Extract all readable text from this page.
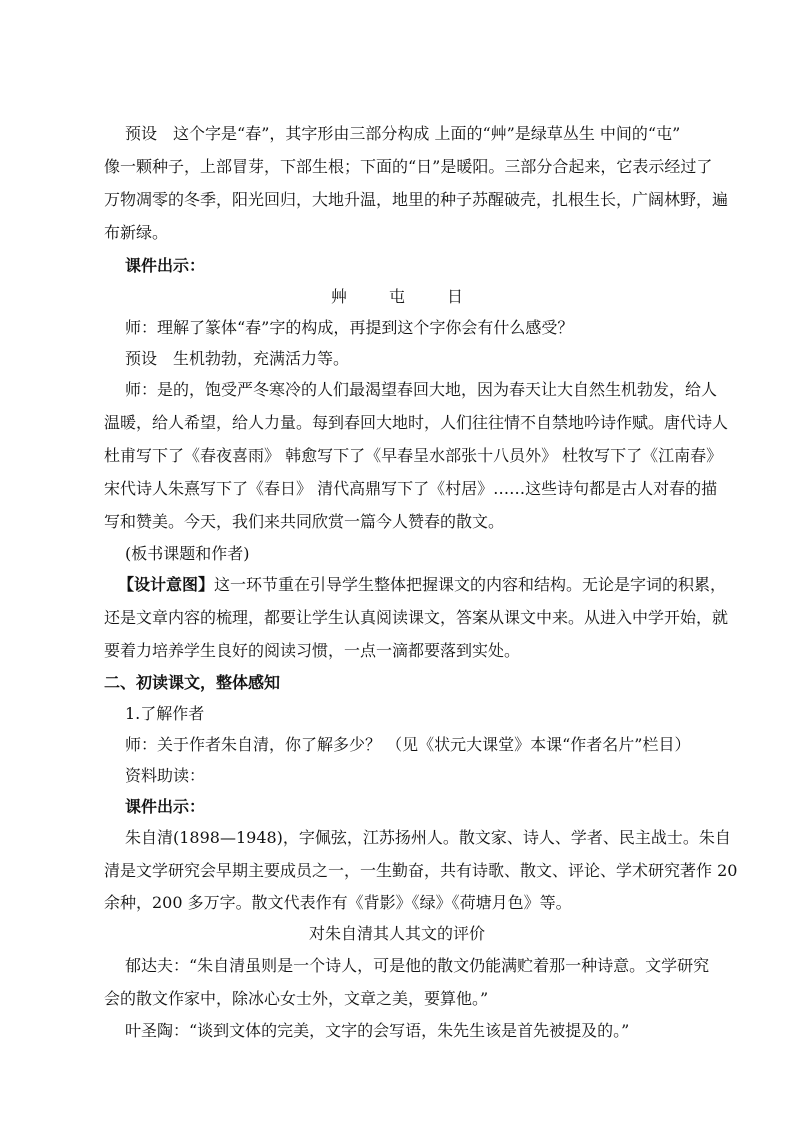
预设 这个字是“春”，其字形由三部分构成 上面的“艸”是绿草丛生 中间的“屯”
像一颗种子，上部冒芽，下部生根；下面的“日”是暖阳。三部分合起来，它表示经过了
万物凋零的冬季，阳光回归，大地升温，地里的种子苏醒破壳，扎根生长，广阔林野，遍
布新绿。
课件出示：
艸	屯	日
师：理解了篆体“春”字的构成，再提到这个字你会有什么感受？
预设 生机勃勃，充满活力等。
师：是的，饱受严冬寒冷的人们最渴望春回大地，因为春天让大自然生机勃发，给人
温暖，给人希望，给人力量。每到春回大地时，人们往往情不自禁地吟诗作赋。唐代诗人
杜甫写下了《春夜喜雨》 韩愈写下了《早春呈水部张十八员外》 杜牧写下了《江南春》
宋代诗人朱熹写下了《春日》 清代高鼎写下了《村居》……这些诗句都是古人对春的描
写和赞美。今天，我们来共同欣赏一篇今人赞春的散文。
(板书课题和作者)
【设计意图】这一环节重在引导学生整体把握课文的内容和结构。无论是字词的积累，
还是文章内容的梳理，都要让学生认真阅读课文，答案从课文中来。从进入中学开始，就
要着力培养学生良好的阅读习惯，一点一滴都要落到实处。
二、初读课文，整体感知
1.了解作者
师：关于作者朱自清，你了解多少？ （见《状元大课堂》本课“作者名片”栏目）
资料助读：
课件出示：
朱自清(1898—1948)，字佩弦，江苏扬州人。散文家、诗人、学者、民主战士。朱自
清是文学研究会早期主要成员之一，一生勤奋，共有诗歌、散文、评论、学术研究著作 20
余种，200 多万字。散文代表作有《背影》《绿》《荷塘月色》等。
对朱自清其人其文的评价
郁达夫：“朱自清虽则是一个诗人，可是他的散文仍能满贮着那一种诗意。文学研究
会的散文作家中，除冰心女士外，文章之美，要算他。”
叶圣陶：“谈到文体的完美，文字的会写语，朱先生该是首先被提及的。”
